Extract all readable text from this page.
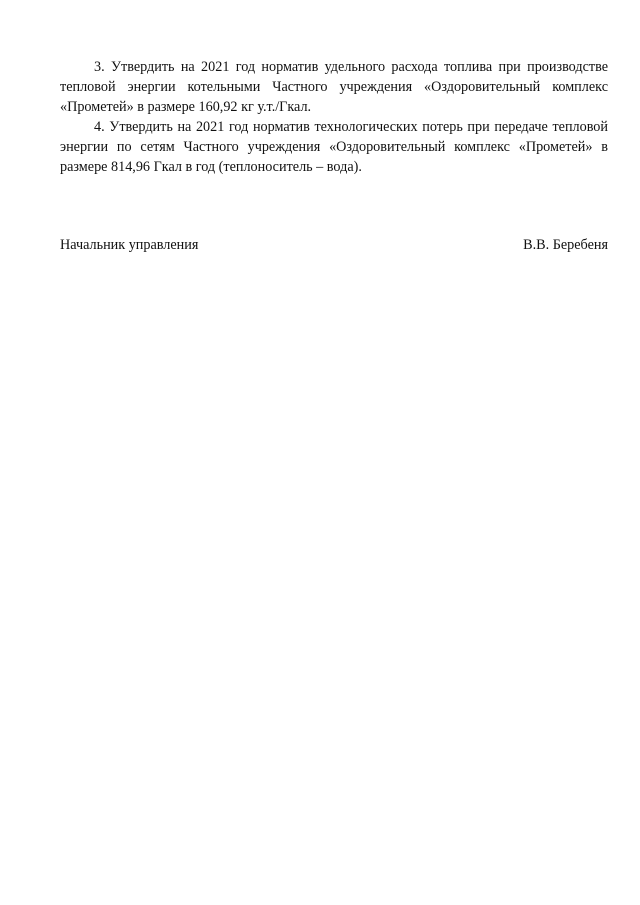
3. Утвердить на 2021 год норматив удельного расхода топлива при производстве тепловой энергии котельными Частного учреждения «Оздоровительный комплекс «Прометей» в размере 160,92 кг у.т./Гкал.

4. Утвердить на 2021 год норматив технологических потерь при передаче тепловой энергии по сетям Частного учреждения «Оздоровительный комплекс «Прометей» в размере 814,96 Гкал в год (теплоноситель – вода).

Начальник управления	В.В. Беребеня
